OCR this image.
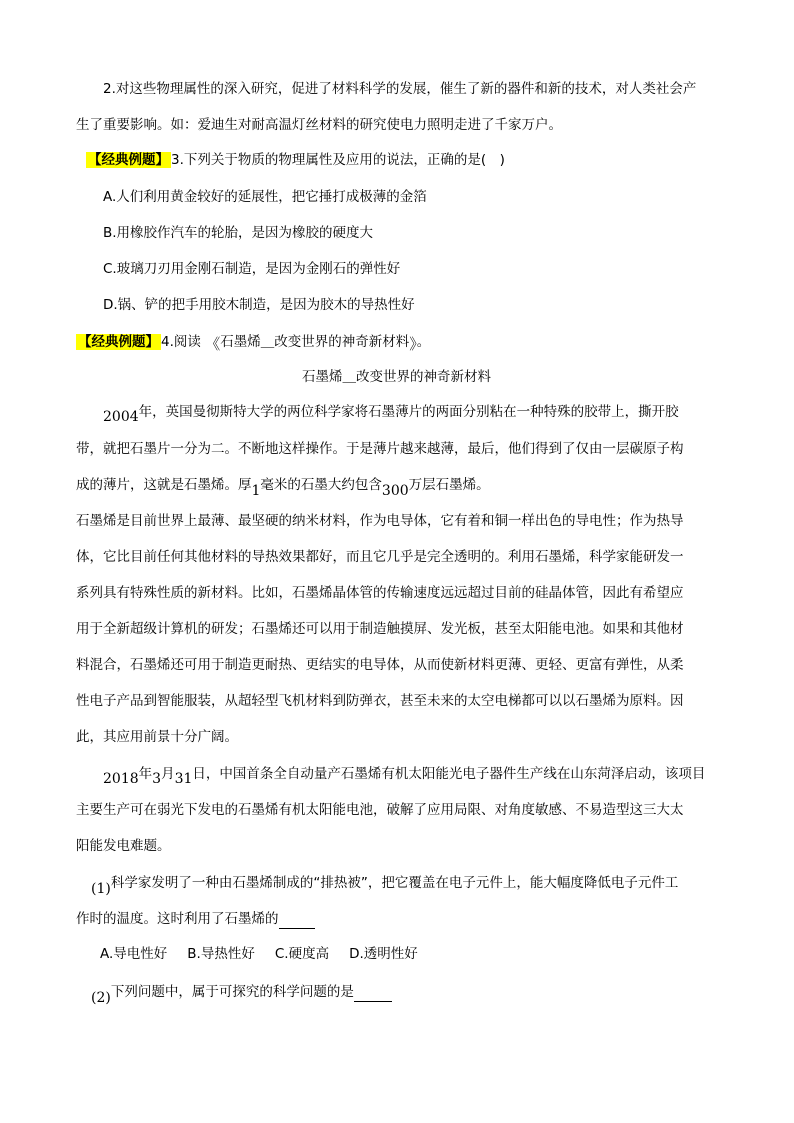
2.对这些物理属性的深入研究，促进了材料科学的发展，催生了新的器件和新的技术，对人类社会产
生了重要影响。如：爱迪生对耐高温灯丝材料的研究使电力照明走进了千家万户。
【经典例题】 3.下列关于物质的物理属性及应用的说法，正确的是(　)
A.人们利用黄金较好的延展性，把它捶打成极薄的金箔
B.用橡胶作汽车的轮胎，是因为橡胶的硬度大
C.玻璃刀刃用金刚石制造，是因为金刚石的弹性好
D.锅、铲的把手用胶木制造，是因为胶木的导热性好
【经典例题】 4.阅读 《石墨烯＿改变世界的神奇新材料》。
石墨烯＿改变世界的神奇新材料
2004年，英国曼彻斯特大学的两位科学家将石墨薄片的两面分别粘在一种特殊的胶带上，撕开胶
带，就把石墨片一分为二。不断地这样操作。于是薄片越来越薄，最后，他们得到了仅由一层碳原子构
成的薄片，这就是石墨烯。厚1毫米的石墨大约包含300万层石墨烯。
石墨烯是目前世界上最薄、最坚硬的纳米材料，作为电导体，它有着和铜一样出色的导电性；作为热导
体，它比目前任何其他材料的导热效果都好，而且它几乎是完全透明的。利用石墨烯，科学家能研发一
系列具有特殊性质的新材料。比如，石墨烯晶体管的传输速度远远超过目前的硅晶体管，因此有希望应
用于全新超级计算机的研发；石墨烯还可以用于制造触摸屏、发光板，甚至太阳能电池。如果和其他材
料混合，石墨烯还可用于制造更耐热、更结实的电导体，从而使新材料更薄、更轻、更富有弹性，从柔
性电子产品到智能服装，从超轻型飞机材料到防弹衣，甚至未来的太空电梯都可以以石墨烯为原料。因
此，其应用前景十分广阔。
2018年3月31日，中国首条全自动量产石墨烯有机太阳能光电子器件生产线在山东菏泽启动，该项目
主要生产可在弱光下发电的石墨烯有机太阳能电池，破解了应用局限、对角度敏感、不易造型这三大太
阳能发电难题。
(1)科学家发明了一种由石墨烯制成的“排热被”，把它覆盖在电子元件上，能大幅度降低电子元件工
作时的温度。这时利用了石墨烯的
A.导电性好 B.导热性好 C.硬度高 D.透明性好
(2)下列问题中，属于可探究的科学问题的是
